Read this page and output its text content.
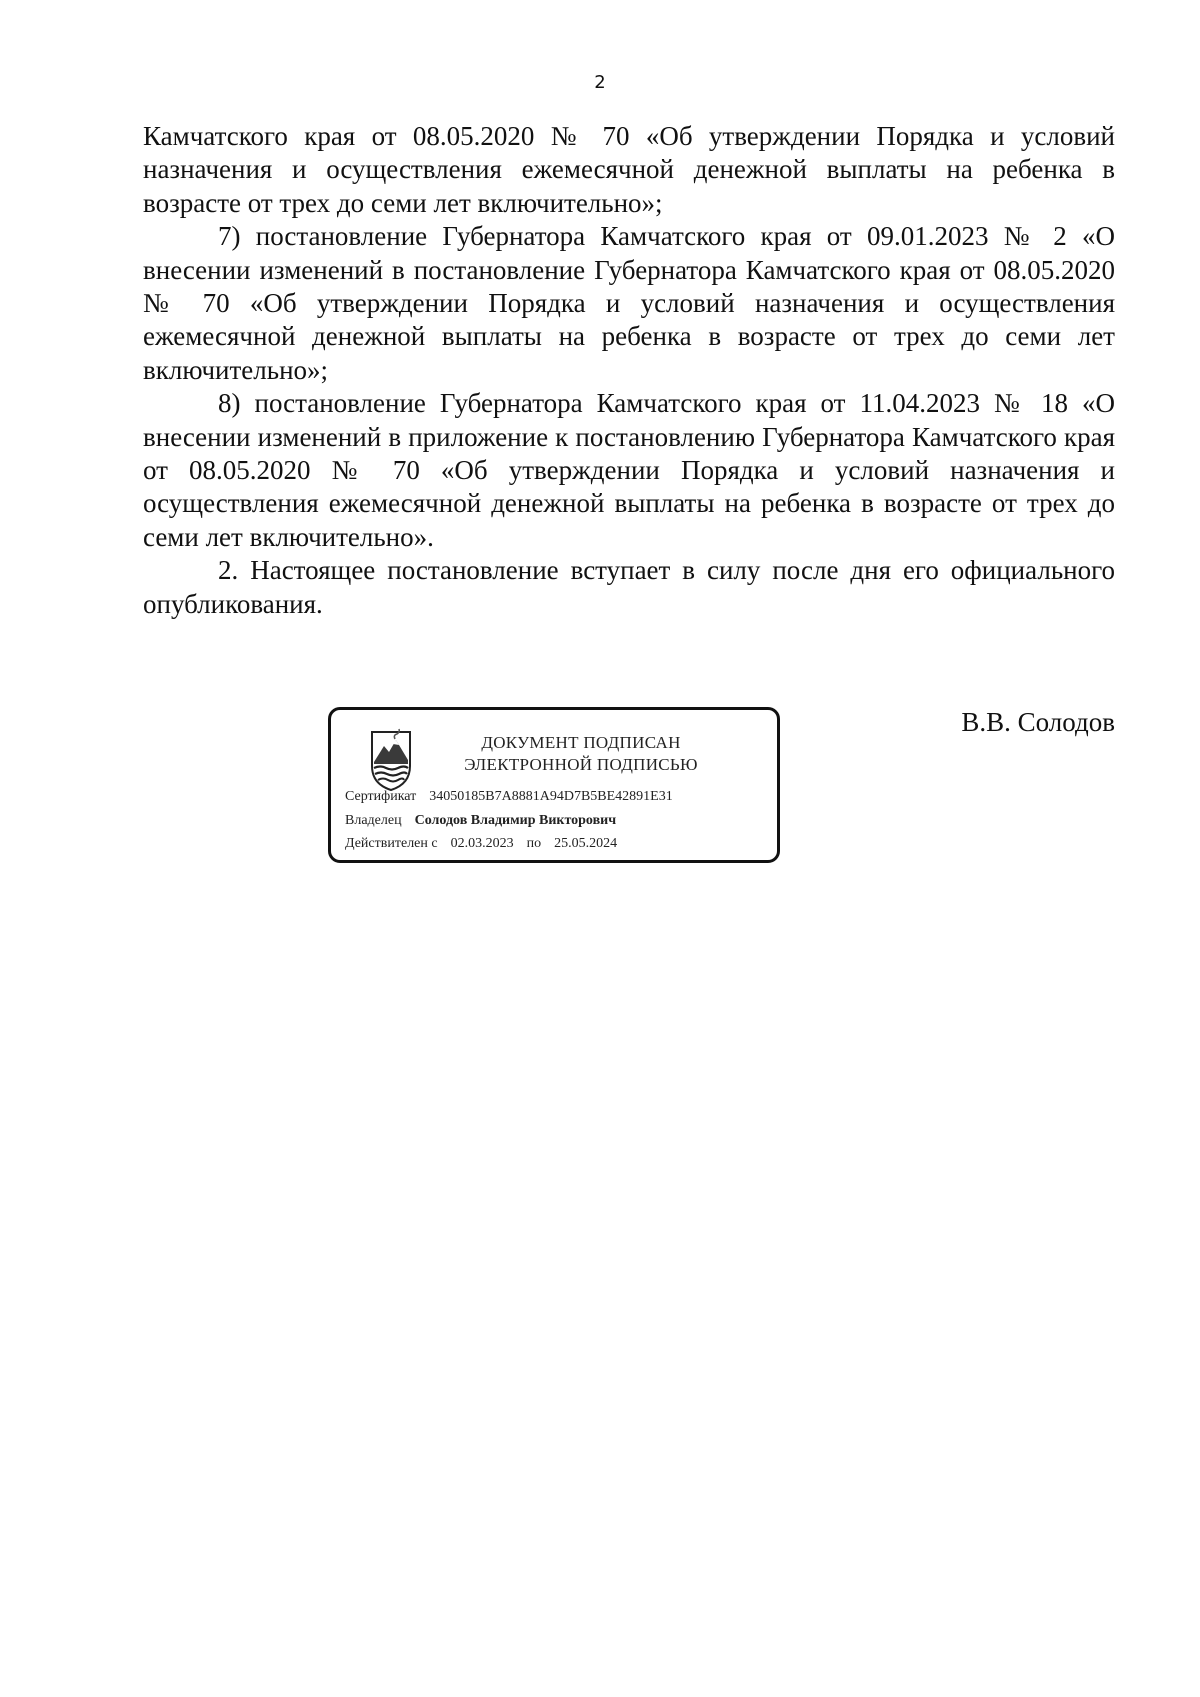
2

Камчатского края от 08.05.2020 № 70 «Об утверждении Порядка и условий назначения и осуществления ежемесячной денежной выплаты на ребенка в возрасте от трех до семи лет включительно»;

7) постановление Губернатора Камчатского края от 09.01.2023 № 2 «О внесении изменений в постановление Губернатора Камчатского края от 08.05.2020 № 70 «Об утверждении Порядка и условий назначения и осуществления ежемесячной денежной выплаты на ребенка в возрасте от трех до семи лет включительно»;

8) постановление Губернатора Камчатского края от 11.04.2023 № 18 «О внесении изменений в приложение к постановлению Губернатора Камчатского края от 08.05.2020 № 70 «Об утверждении Порядка и условий назначения и осуществления ежемесячной денежной выплаты на ребенка в возрасте от трех до семи лет включительно».

2. Настоящее постановление вступает в силу после дня его официального опубликования.

ДОКУМЕНТ ПОДПИСАН
ЭЛЕКТРОННОЙ ПОДПИСЬЮ
Сертификат 34050185B7A8881A94D7B5BE42891E31
Владелец Солодов Владимир Викторович
Действителен с 02.03.2023 по 25.05.2024
В.В. Солодов
